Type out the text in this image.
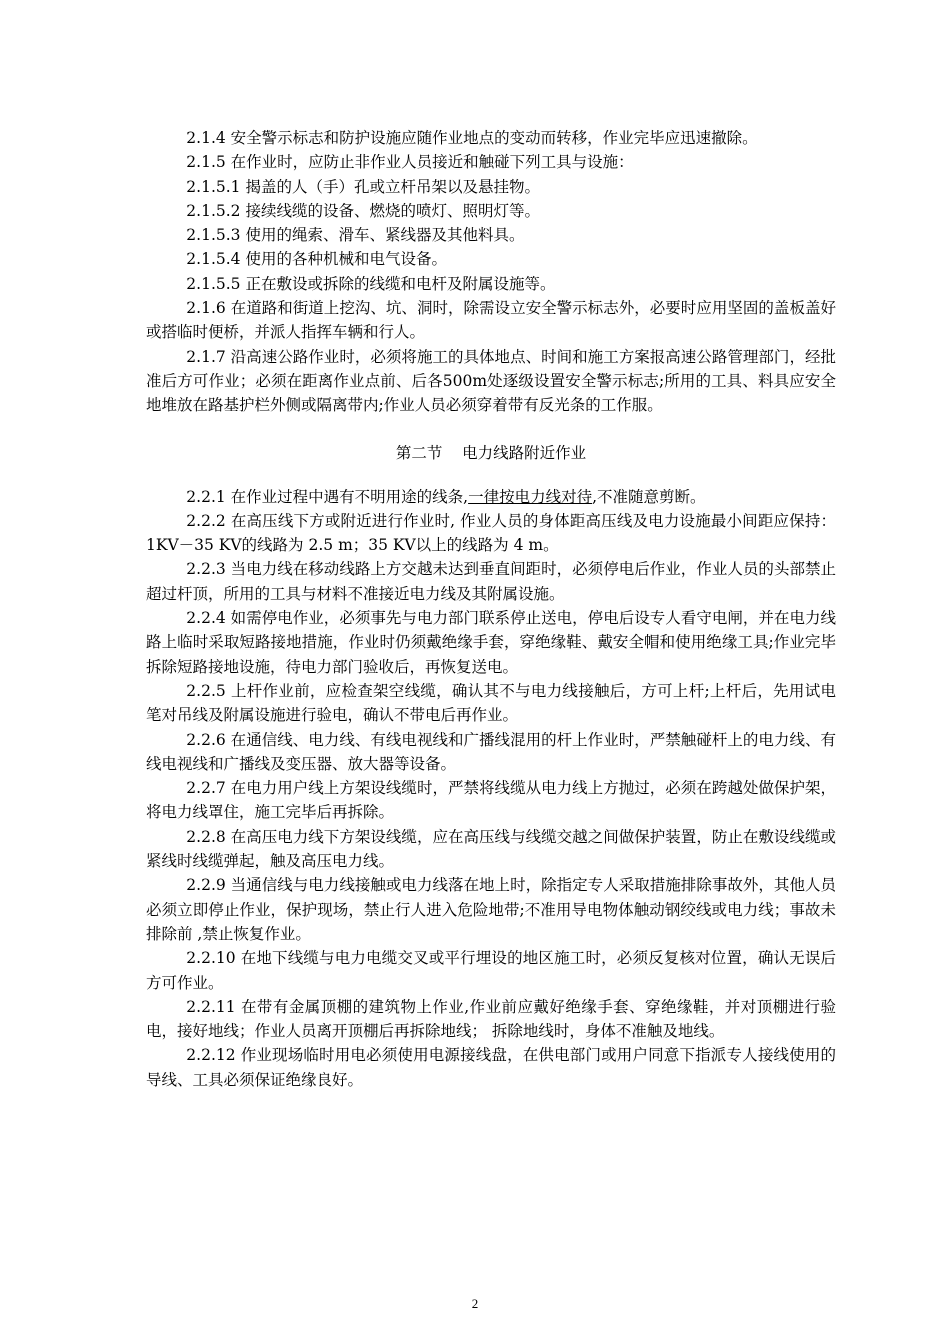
2.1.4 安全警示标志和防护设施应随作业地点的变动而转移，作业完毕应迅速撤除。

2.1.5 在作业时，应防止非作业人员接近和触碰下列工具与设施：

2.1.5.1 揭盖的人（手）孔或立杆吊架以及悬挂物。

2.1.5.2 接续线缆的设备、燃烧的喷灯、照明灯等。

2.1.5.3 使用的绳索、滑车、紧线器及其他料具。

2.1.5.4 使用的各种机械和电气设备。

2.1.5.5 正在敷设或拆除的线缆和电杆及附属设施等。

2.1.6 在道路和街道上挖沟、坑、洞时，除需设立安全警示标志外，必要时应用坚固的盖板盖好或搭临时便桥，并派人指挥车辆和行人。

2.1.7 沿高速公路作业时，必须将施工的具体地点、时间和施工方案报高速公路管理部门，经批准后方可作业；必须在距离作业点前、后各500m处逐级设置安全警示标志;所用的工具、料具应安全地堆放在路基护栏外侧或隔离带内;作业人员必须穿着带有反光条的工作服。

第二节    电力线路附近作业

2.2.1 在作业过程中遇有不明用途的线条,一律按电力线对待,不准随意剪断。

2.2.2 在高压线下方或附近进行作业时, 作业人员的身体距高压线及电力设施最小间距应保持：1KV－35 KV的线路为 2.5 m；35 KV以上的线路为 4 m。

2.2.3 当电力线在移动线路上方交越未达到垂直间距时，必须停电后作业，作业人员的头部禁止超过杆顶，所用的工具与材料不准接近电力线及其附属设施。

2.2.4 如需停电作业，必须事先与电力部门联系停止送电，停电后设专人看守电闸，并在电力线路上临时采取短路接地措施，作业时仍须戴绝缘手套，穿绝缘鞋、戴安全帽和使用绝缘工具;作业完毕拆除短路接地设施，待电力部门验收后，再恢复送电。

2.2.5 上杆作业前，应检查架空线缆，确认其不与电力线接触后，方可上杆;上杆后，先用试电笔对吊线及附属设施进行验电，确认不带电后再作业。

2.2.6 在通信线、电力线、有线电视线和广播线混用的杆上作业时，严禁触碰杆上的电力线、有线电视线和广播线及变压器、放大器等设备。

2.2.7 在电力用户线上方架设线缆时，严禁将线缆从电力线上方抛过，必须在跨越处做保护架，将电力线罩住，施工完毕后再拆除。

2.2.8 在高压电力线下方架设线缆，应在高压线与线缆交越之间做保护装置，防止在敷设线缆或紧线时线缆弹起，触及高压电力线。

2.2.9 当通信线与电力线接触或电力线落在地上时，除指定专人采取措施排除事故外，其他人员必须立即停止作业，保护现场，禁止行人进入危险地带;不准用导电物体触动钢绞线或电力线；事故未排除前 ,禁止恢复作业。

2.2.10 在地下线缆与电力电缆交叉或平行埋设的地区施工时，必须反复核对位置，确认无误后方可作业。

2.2.11 在带有金属顶棚的建筑物上作业,作业前应戴好绝缘手套、穿绝缘鞋，并对顶棚进行验电，接好地线；作业人员离开顶棚后再拆除地线； 拆除地线时，身体不准触及地线。

2.2.12 作业现场临时用电必须使用电源接线盘，在供电部门或用户同意下指派专人接线使用的导线、工具必须保证绝缘良好。

2
